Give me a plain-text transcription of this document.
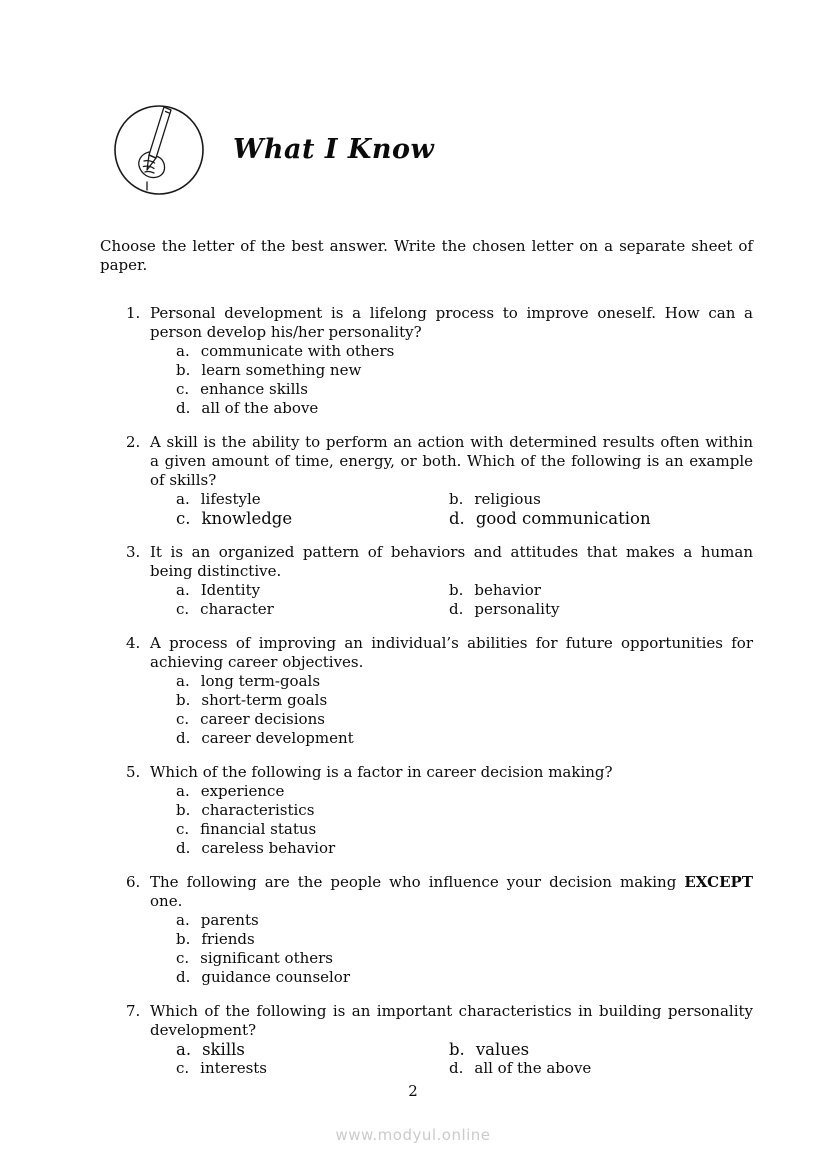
What I Know

Choose the letter of the best answer. Write the chosen letter on a separate sheet of paper.

1. Personal development is a lifelong process to improve oneself. How can a person develop his/her personality?
a. communicate with others
b. learn something new
c. enhance skills
d. all of the above
2. A skill is the ability to perform an action with determined results often within a given amount of time, energy, or both. Which of the following is an example of skills?
a. lifestyle	b. religious
c. knowledge	d. good communication
3. It is an organized pattern of behaviors and attitudes that makes a human being distinctive.
a. Identity	b. behavior
c. character	d. personality
4. A process of improving an individual’s abilities for future opportunities for achieving career objectives.
a. long term-goals
b. short-term goals
c. career decisions
d. career development
5. Which of the following is a factor in career decision making?
a. experience
b. characteristics
c. financial status
d. careless behavior
6. The following are the people who influence your decision making EXCEPT one.
a. parents
b. friends
c. significant others
d. guidance counselor
7. Which of the following is an important characteristics in building personality development?
a. skills	b. values
c. interests	d. all of the above
2
www.modyul.online
